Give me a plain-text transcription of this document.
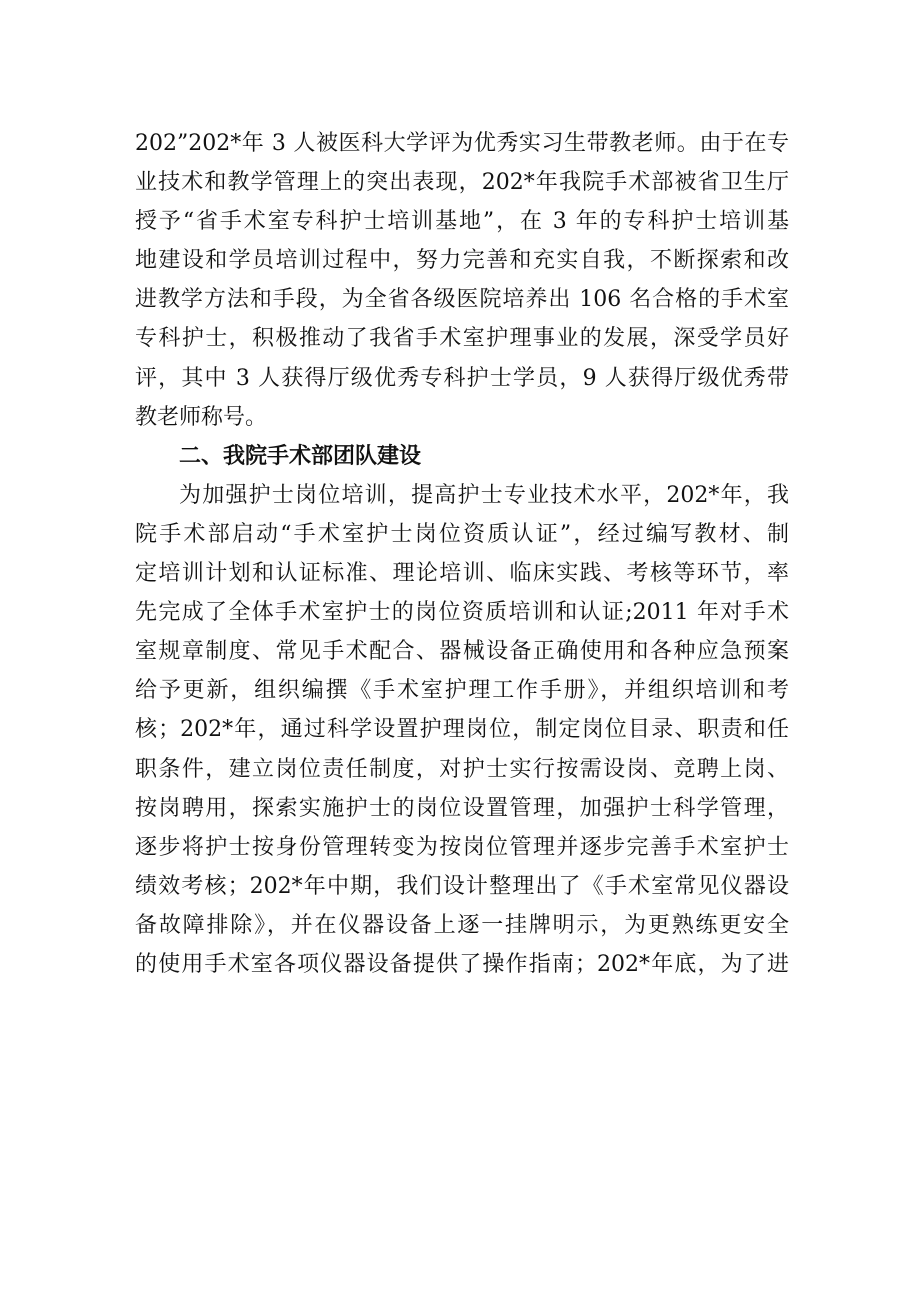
202”202*年 3 人被医科大学评为优秀实习生带教老师。由于在专
业技术和教学管理上的突出表现，202*年我院手术部被省卫生厅
授予“省手术室专科护士培训基地”，在 3 年的专科护士培训基
地建设和学员培训过程中，努力完善和充实自我，不断探索和改
进教学方法和手段，为全省各级医院培养出 106 名合格的手术室
专科护士，积极推动了我省手术室护理事业的发展，深受学员好
评，其中 3 人获得厅级优秀专科护士学员，9 人获得厅级优秀带
教老师称号。
二、我院手术部团队建设
为加强护士岗位培训，提高护士专业技术水平，202*年，我
院手术部启动“手术室护士岗位资质认证”，经过编写教材、制
定培训计划和认证标准、理论培训、临床实践、考核等环节，率
先完成了全体手术室护士的岗位资质培训和认证;2011 年对手术
室规章制度、常见手术配合、器械设备正确使用和各种应急预案
给予更新，组织编撰《手术室护理工作手册》，并组织培训和考
核；202*年，通过科学设置护理岗位，制定岗位目录、职责和任
职条件，建立岗位责任制度，对护士实行按需设岗、竞聘上岗、
按岗聘用，探索实施护士的岗位设置管理，加强护士科学管理，
逐步将护士按身份管理转变为按岗位管理并逐步完善手术室护士
绩效考核；202*年中期，我们设计整理出了《手术室常见仪器设
备故障排除》，并在仪器设备上逐一挂牌明示，为更熟练更安全
的使用手术室各项仪器设备提供了操作指南；202*年底，为了进
